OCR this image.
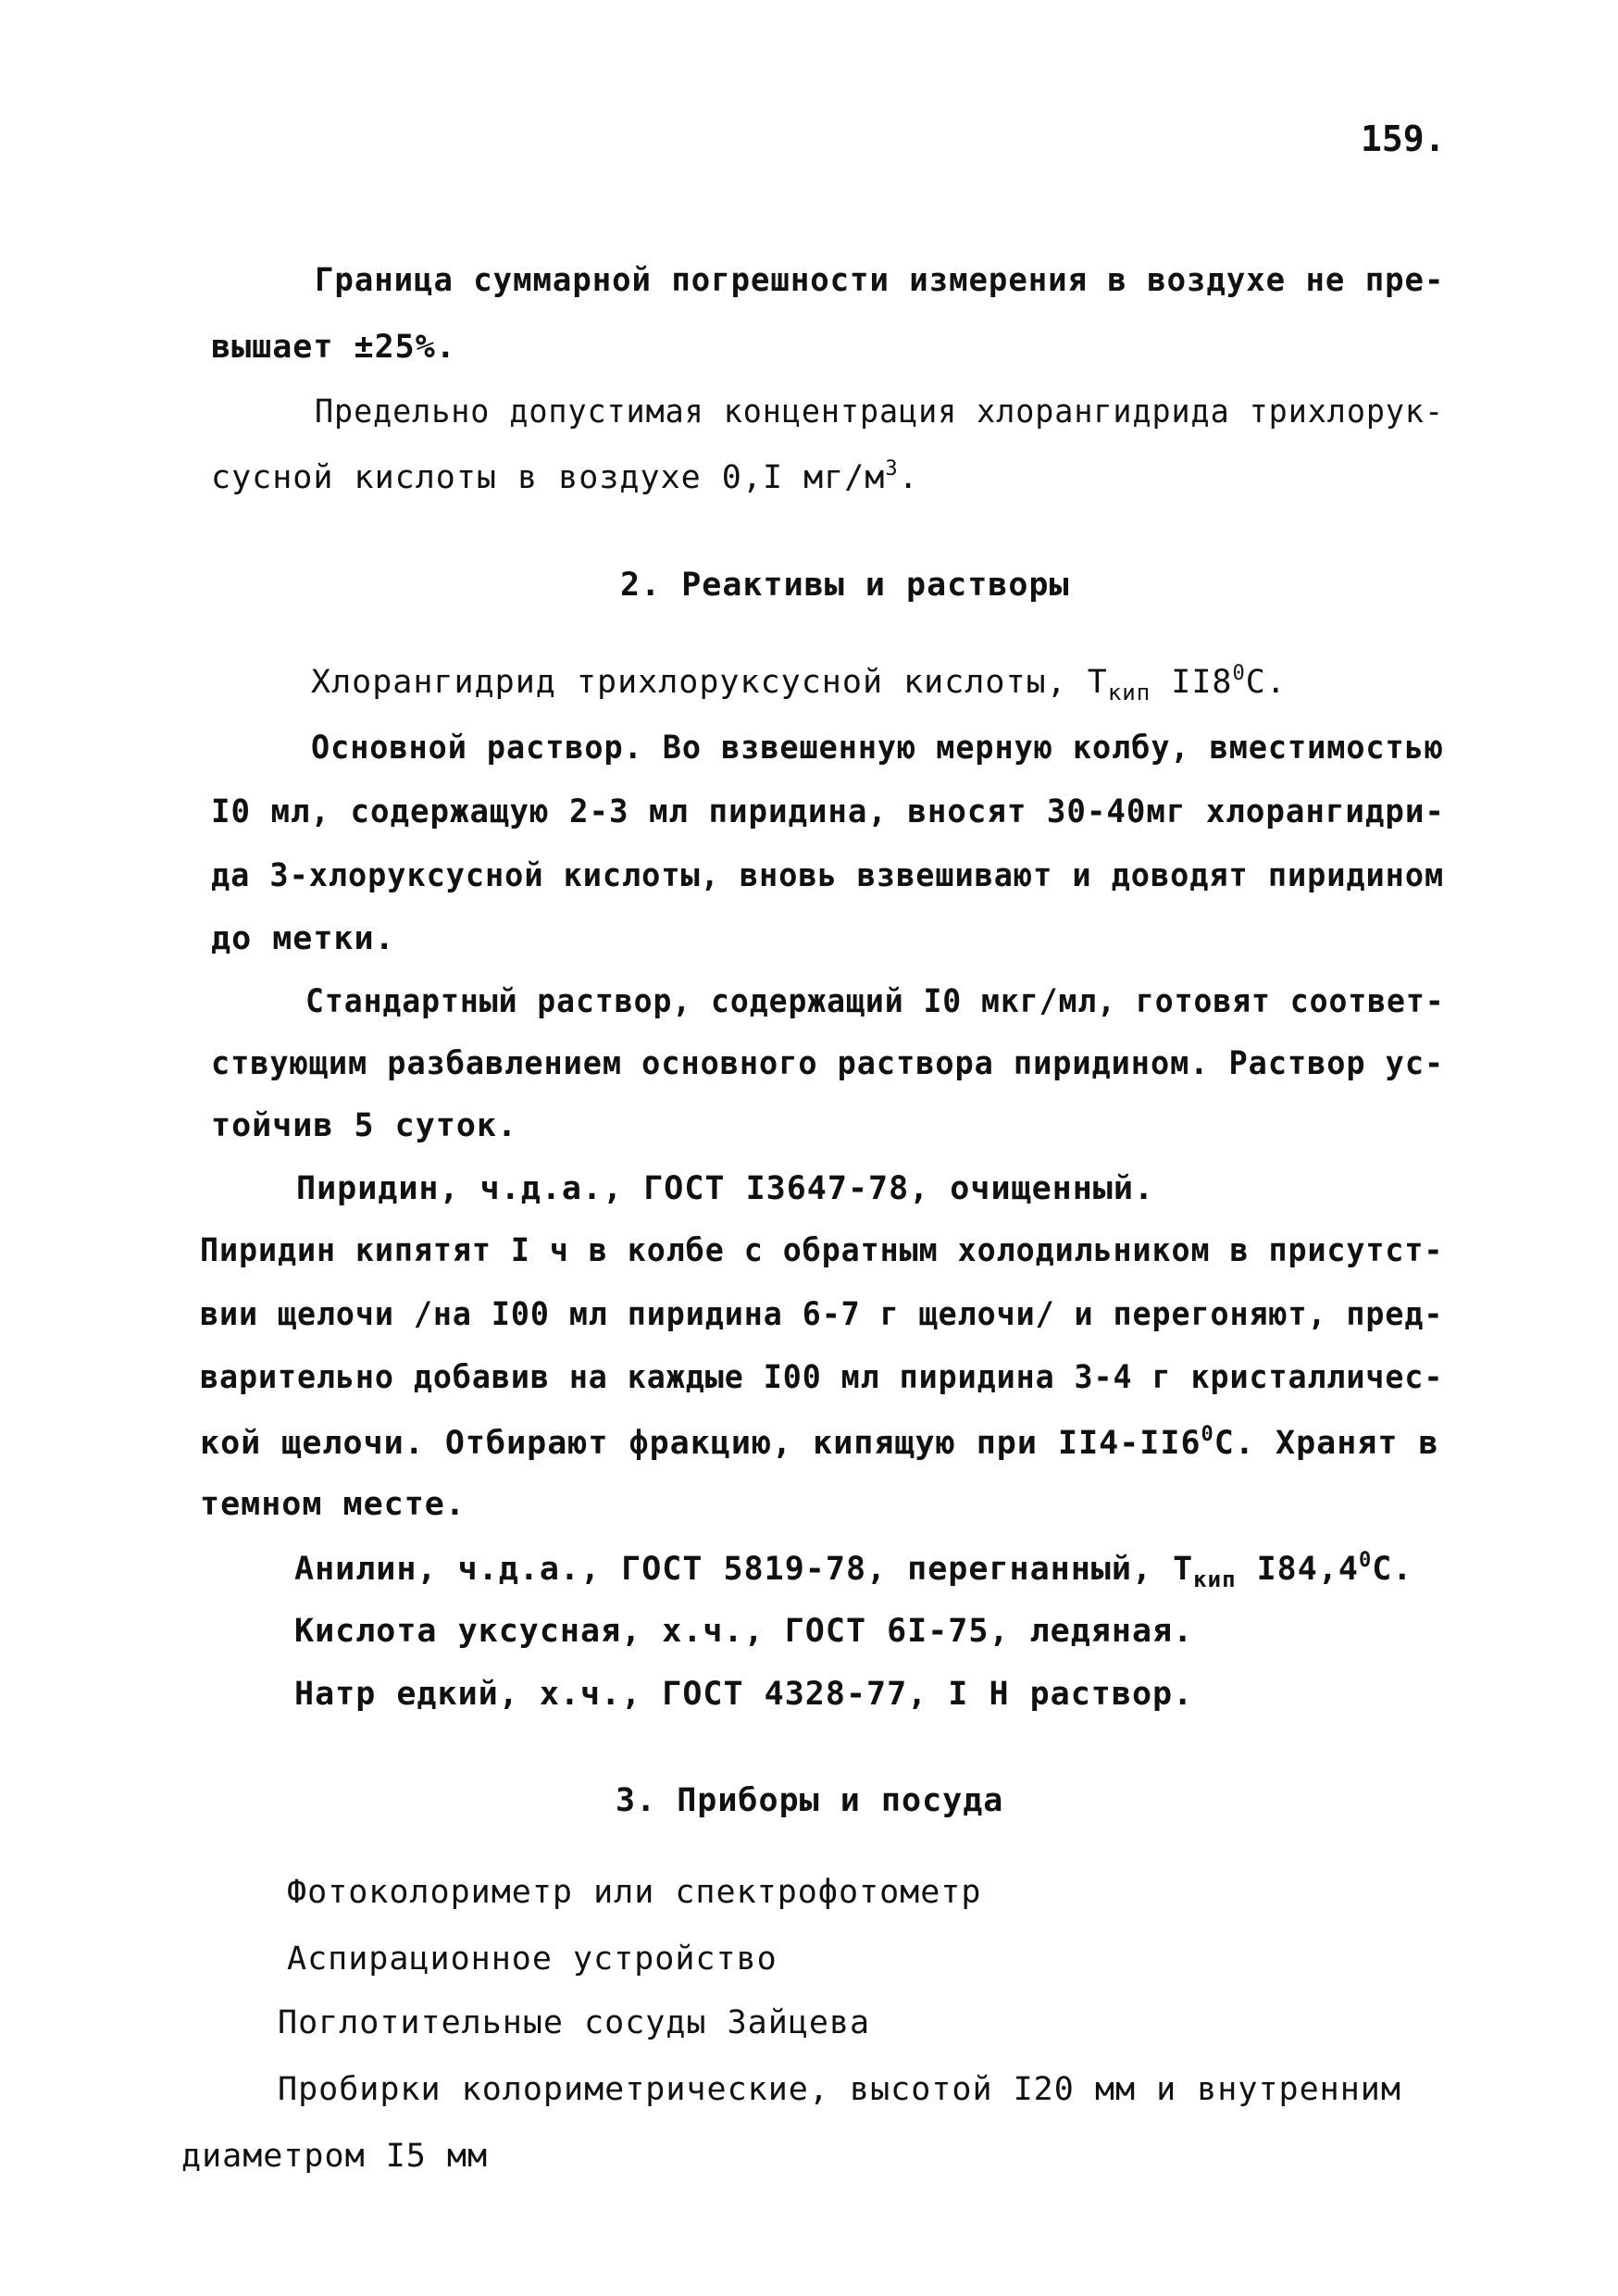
159.
Граница суммарной погрешности измерения в воздухе не пре-
вышает ±25%.
Предельно допустимая концентрация хлорангидрида трихлорук-
сусной кислоты в воздухе 0,I $мг/м^3$.
2. Реактивы и растворы
Хлорангидрид трихлоруксусной кислоты, $T_{кип}$ $II8^0C$.
Основной раствор. Во взвешенную мерную колбу, вместимостью
I0 мл, содержащую 2-3 мл пиридина, вносят 30-40мг хлорангидри-
да 3-хлоруксусной кислоты, вновь взвешивают и доводят пиридином
до метки.
Стандартный раствор, содержащий I0 мкг/мл, готовят соответ-
ствующим разбавлением основного раствора пиридином. Раствор ус-
тойчив 5 суток.
Пиридин, ч.д.а., ГОСТ I3647-78, очищенный.
Пиридин кипятят I ч в колбе с обратным холодильником в присутст-
вии щелочи /на I00 мл пиридина 6-7 г щелочи/ и перегоняют, пред-
варительно добавив на каждые I00 мл пиридина 3-4 г кристалличес-
кой щелочи. Отбирают фракцию, кипящую при $II4-II6^0C$. Хранят в
темном месте.
Анилин, ч.д.а., ГОСТ 5819-78, перегнанный, $T_{кип}$ I84,4$^0$C.
Кислота уксусная, х.ч., ГОСТ 6I-75, ледяная.
Натр едкий, х.ч., ГОСТ 4328-77, I Н раствор.
3. Приборы и посуда
Фотоколориметр или спектрофотометр
Аспирационное устройство
Поглотительные сосуды Зайцева
Пробирки колориметрические, высотой I20 мм и внутренним
диаметром I5 мм
